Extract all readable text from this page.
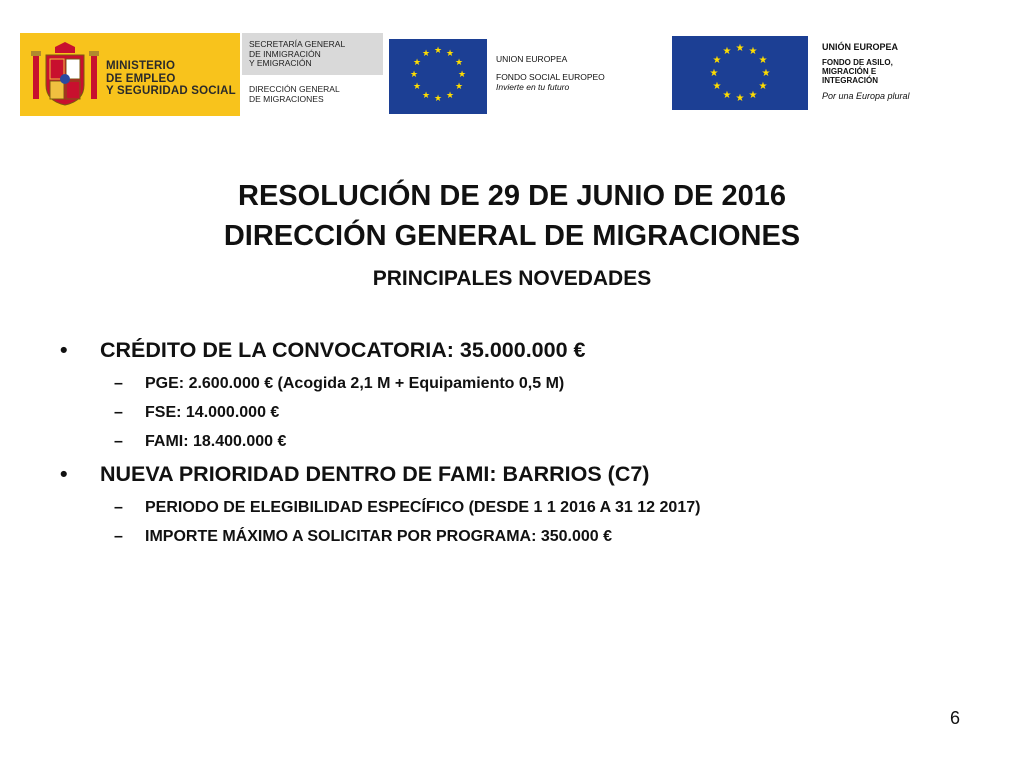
MINISTERIO
DE EMPLEO
Y SEGURIDAD SOCIAL
SECRETARÍA GENERAL
DE INMIGRACIÓN
Y EMIGRACIÓN
DIRECCIÓN GENERAL
DE MIGRACIONES
★ ★
★
★
★
★
★
★
★
★
★
★	UNION EUROPEA
FONDO SOCIAL EUROPEO
Invierte en tu futuro
★ ★
★
★
★
★
★
★
★
★
★
★	UNIÓN EUROPEA
FONDO DE ASILO,
MIGRACIÓN E
INTEGRACIÓN
Por una Europa plural
RESOLUCIÓN DE 29 DE JUNIO DE 2016
DIRECCIÓN GENERAL DE MIGRACIONES
PRINCIPALES NOVEDADES
• CRÉDITO DE LA CONVOCATORIA: 35.000.000 €
– PGE: 2.600.000 € (Acogida 2,1 M + Equipamiento 0,5 M)
– FSE: 14.000.000 €
– FAMI: 18.400.000 €
• NUEVA PRIORIDAD DENTRO DE FAMI: BARRIOS (C7)
– PERIODO DE ELEGIBILIDAD ESPECÍFICO (DESDE 1 1 2016 A 31 12 2017)
– IMPORTE MÁXIMO A SOLICITAR POR PROGRAMA: 350.000 €
6
